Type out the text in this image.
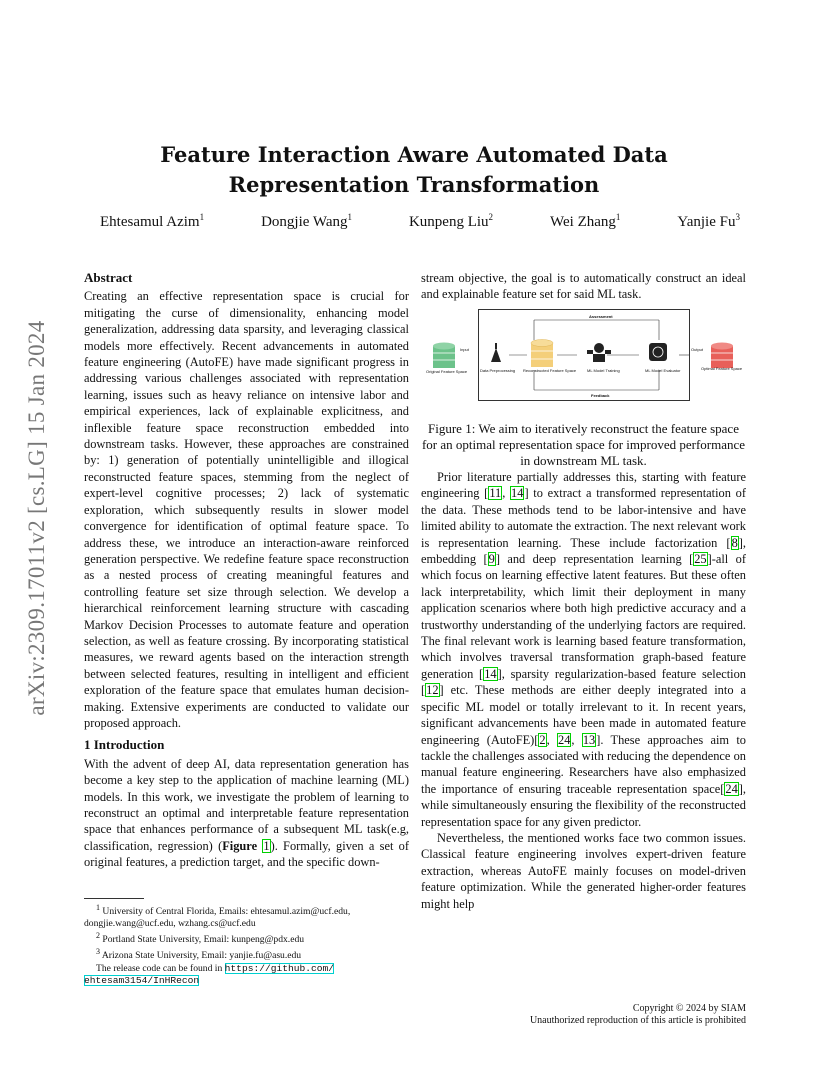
arXiv:2309.17011v2 [cs.LG] 15 Jan 2024
Feature Interaction Aware Automated Data Representation Transformation
Ehtesamul Azim$^1$	Dongjie Wang$^1$	Kunpeng Liu$^2$	Wei Zhang$^1$	Yanjie Fu$^3$

Abstract

Creating an effective representation space is crucial for mitigating the curse of dimensionality, enhancing model generalization, addressing data sparsity, and leveraging classical models more effectively. Recent advancements in automated feature engineering (AutoFE) have made significant progress in addressing various challenges associated with representation learning, issues such as heavy reliance on intensive labor and empirical experiences, lack of explainable explicitness, and inflexible feature space reconstruction embedded into downstream tasks. However, these approaches are constrained by: 1) generation of potentially unintelligible and illogical reconstructed feature spaces, stemming from the neglect of expert-level cognitive processes; 2) lack of systematic exploration, which subsequently results in slower model convergence for identification of optimal feature space. To address these, we introduce an interaction-aware reinforced generation perspective. We redefine feature space reconstruction as a nested process of creating meaningful features and controlling feature set size through selection. We develop a hierarchical reinforcement learning structure with cascading Markov Decision Processes to automate feature and operation selection, as well as feature crossing. By incorporating statistical measures, we reward agents based on the interaction strength between selected features, resulting in intelligent and efficient exploration of the feature space that emulates human decision-making. Extensive experiments are conducted to validate our proposed approach.

1 Introduction

With the advent of deep AI, data representation generation has become a key step to the application of machine learning (ML) models. In this work, we investigate the problem of learning to reconstruct an optimal and interpretable feature representation space that enhances performance of a subsequent ML task(e.g, classification, regression) (Figure 1). Formally, given a set of original features, a prediction target, and the specific down-

$^1$ University of Central Florida, Emails: ehtesamul.azim@ucf.edu, dongjie.wang@ucf.edu, wzhang.cs@ucf.edu
$^2$ Portland State University, Email: kunpeng@pdx.edu
$^3$ Arizona State University, Email: yanjie.fu@asu.edu
The release code can be found in https://github.com/ ehtesam3154/InHRecon

stream objective, the goal is to automatically construct an ideal and explainable feature set for said ML task.

Assessment
Feedback
Data Preprocessing Reconstructed Feature Space	ML Model Training	ML Model Evaluator
Input	Output
Original Feature Space
Optimal Feature Space

Figure 1: We aim to iteratively reconstruct the feature space for an optimal representation space for improved performance in downstream ML task.

Prior literature partially addresses this, starting with feature engineering [11, 14] to extract a transformed representation of the data. These methods tend to be labor-intensive and have limited ability to automate the extraction. The next relevant work is representation learning. These include factorization [8], embedding [9] and deep representation learning [25]-all of which focus on learning effective latent features. But these often lack interpretability, which limit their deployment in many application scenarios where both high predictive accuracy and a trustworthy understanding of the underlying factors are required. The final relevant work is learning based feature transformation, which involves traversal transformation graph-based feature generation [14], sparsity regularization-based feature selection [12] etc. These methods are either deeply integrated into a specific ML model or totally irrelevant to it. In recent years, significant advancements have been made in automated feature engineering (AutoFE)[2, 24, 13]. These approaches aim to tackle the challenges associated with reducing the dependence on manual feature engineering. Researchers have also emphasized the importance of ensuring traceable representation space[24], while simultaneously ensuring the flexibility of the reconstructed representation space for any given predictor.

Nevertheless, the mentioned works face two common issues. Classical feature engineering involves expert-driven feature extraction, whereas AutoFE mainly focuses on model-driven feature optimization. While the generated higher-order features might help

Copyright © 2024 by SIAM
Unauthorized reproduction of this article is prohibited
